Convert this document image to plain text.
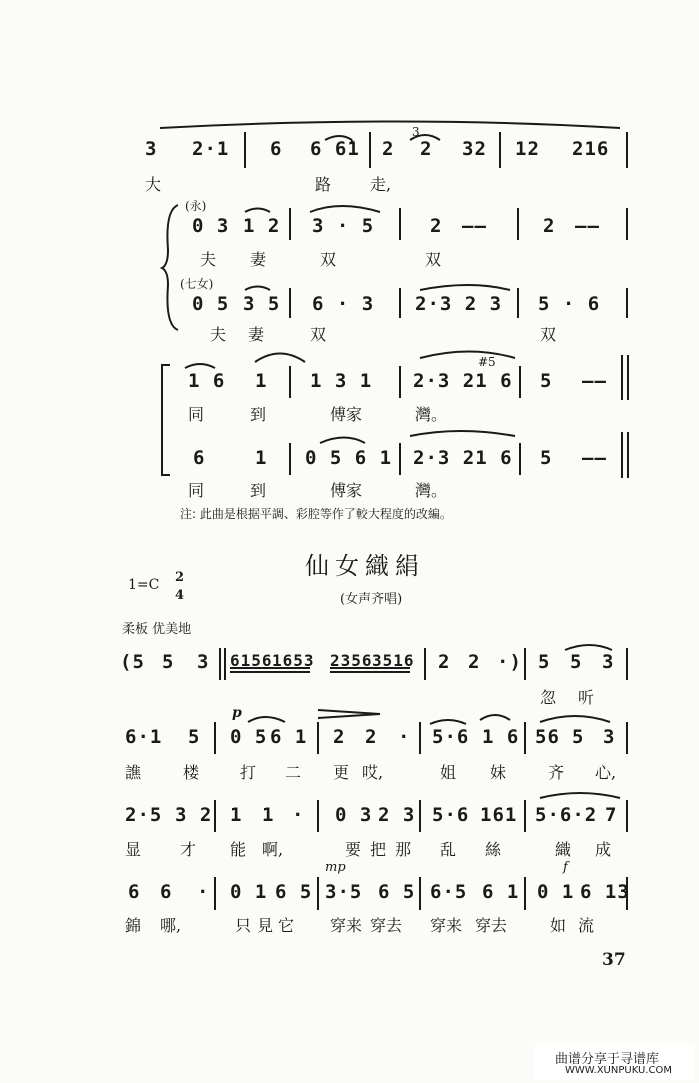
3 2·1 6 6 6̇1 2
3
2 32 12 216
大	路 走,
(永)
0 3 1 2 3 · 5	2 ——	2 ——
夫 妻	双	双
(七女)
0 5 3 5 6 · 3 2·3 2 3 5 · 6
夫 妻	双	双
1 6 1 1 3 1
#5
2·3 21 6 5 ——
同	到	傅家	灣。
6	1 0 5 6 1 2·3 21 6 5 ——
同	到	傅家	灣。
注: 此曲是根据平調、彩腔等作了較大程度的改編。
仙女織絹
1=C 2
4	(女声齐唱)
柔板 优美地
(5 5 3 6156 1653 2356 3516 2 2 ·) 5 5 3
忽 听
p
6·1 5 0 5 6 1 2 2 · 5·6 1 6 56 5 3
譙	楼	打 二 更 哎,	姐 妹	齐 心,
2·5 3 2 1 1 · 0 3 2 3 5·6 161 5·6·2 7
显 才 能 啊,	要 把 那 乱 絲	織 成
mp	f
6 6 · 0 1 6 5 3·5 6 5 6·5 6 1 0 1 6 13
錦 哪,	只 見 它 穿来 穿去 穿来 穿去	如 流
37
曲谱分享于寻谱库
WWW.XUNPUKU.COM
